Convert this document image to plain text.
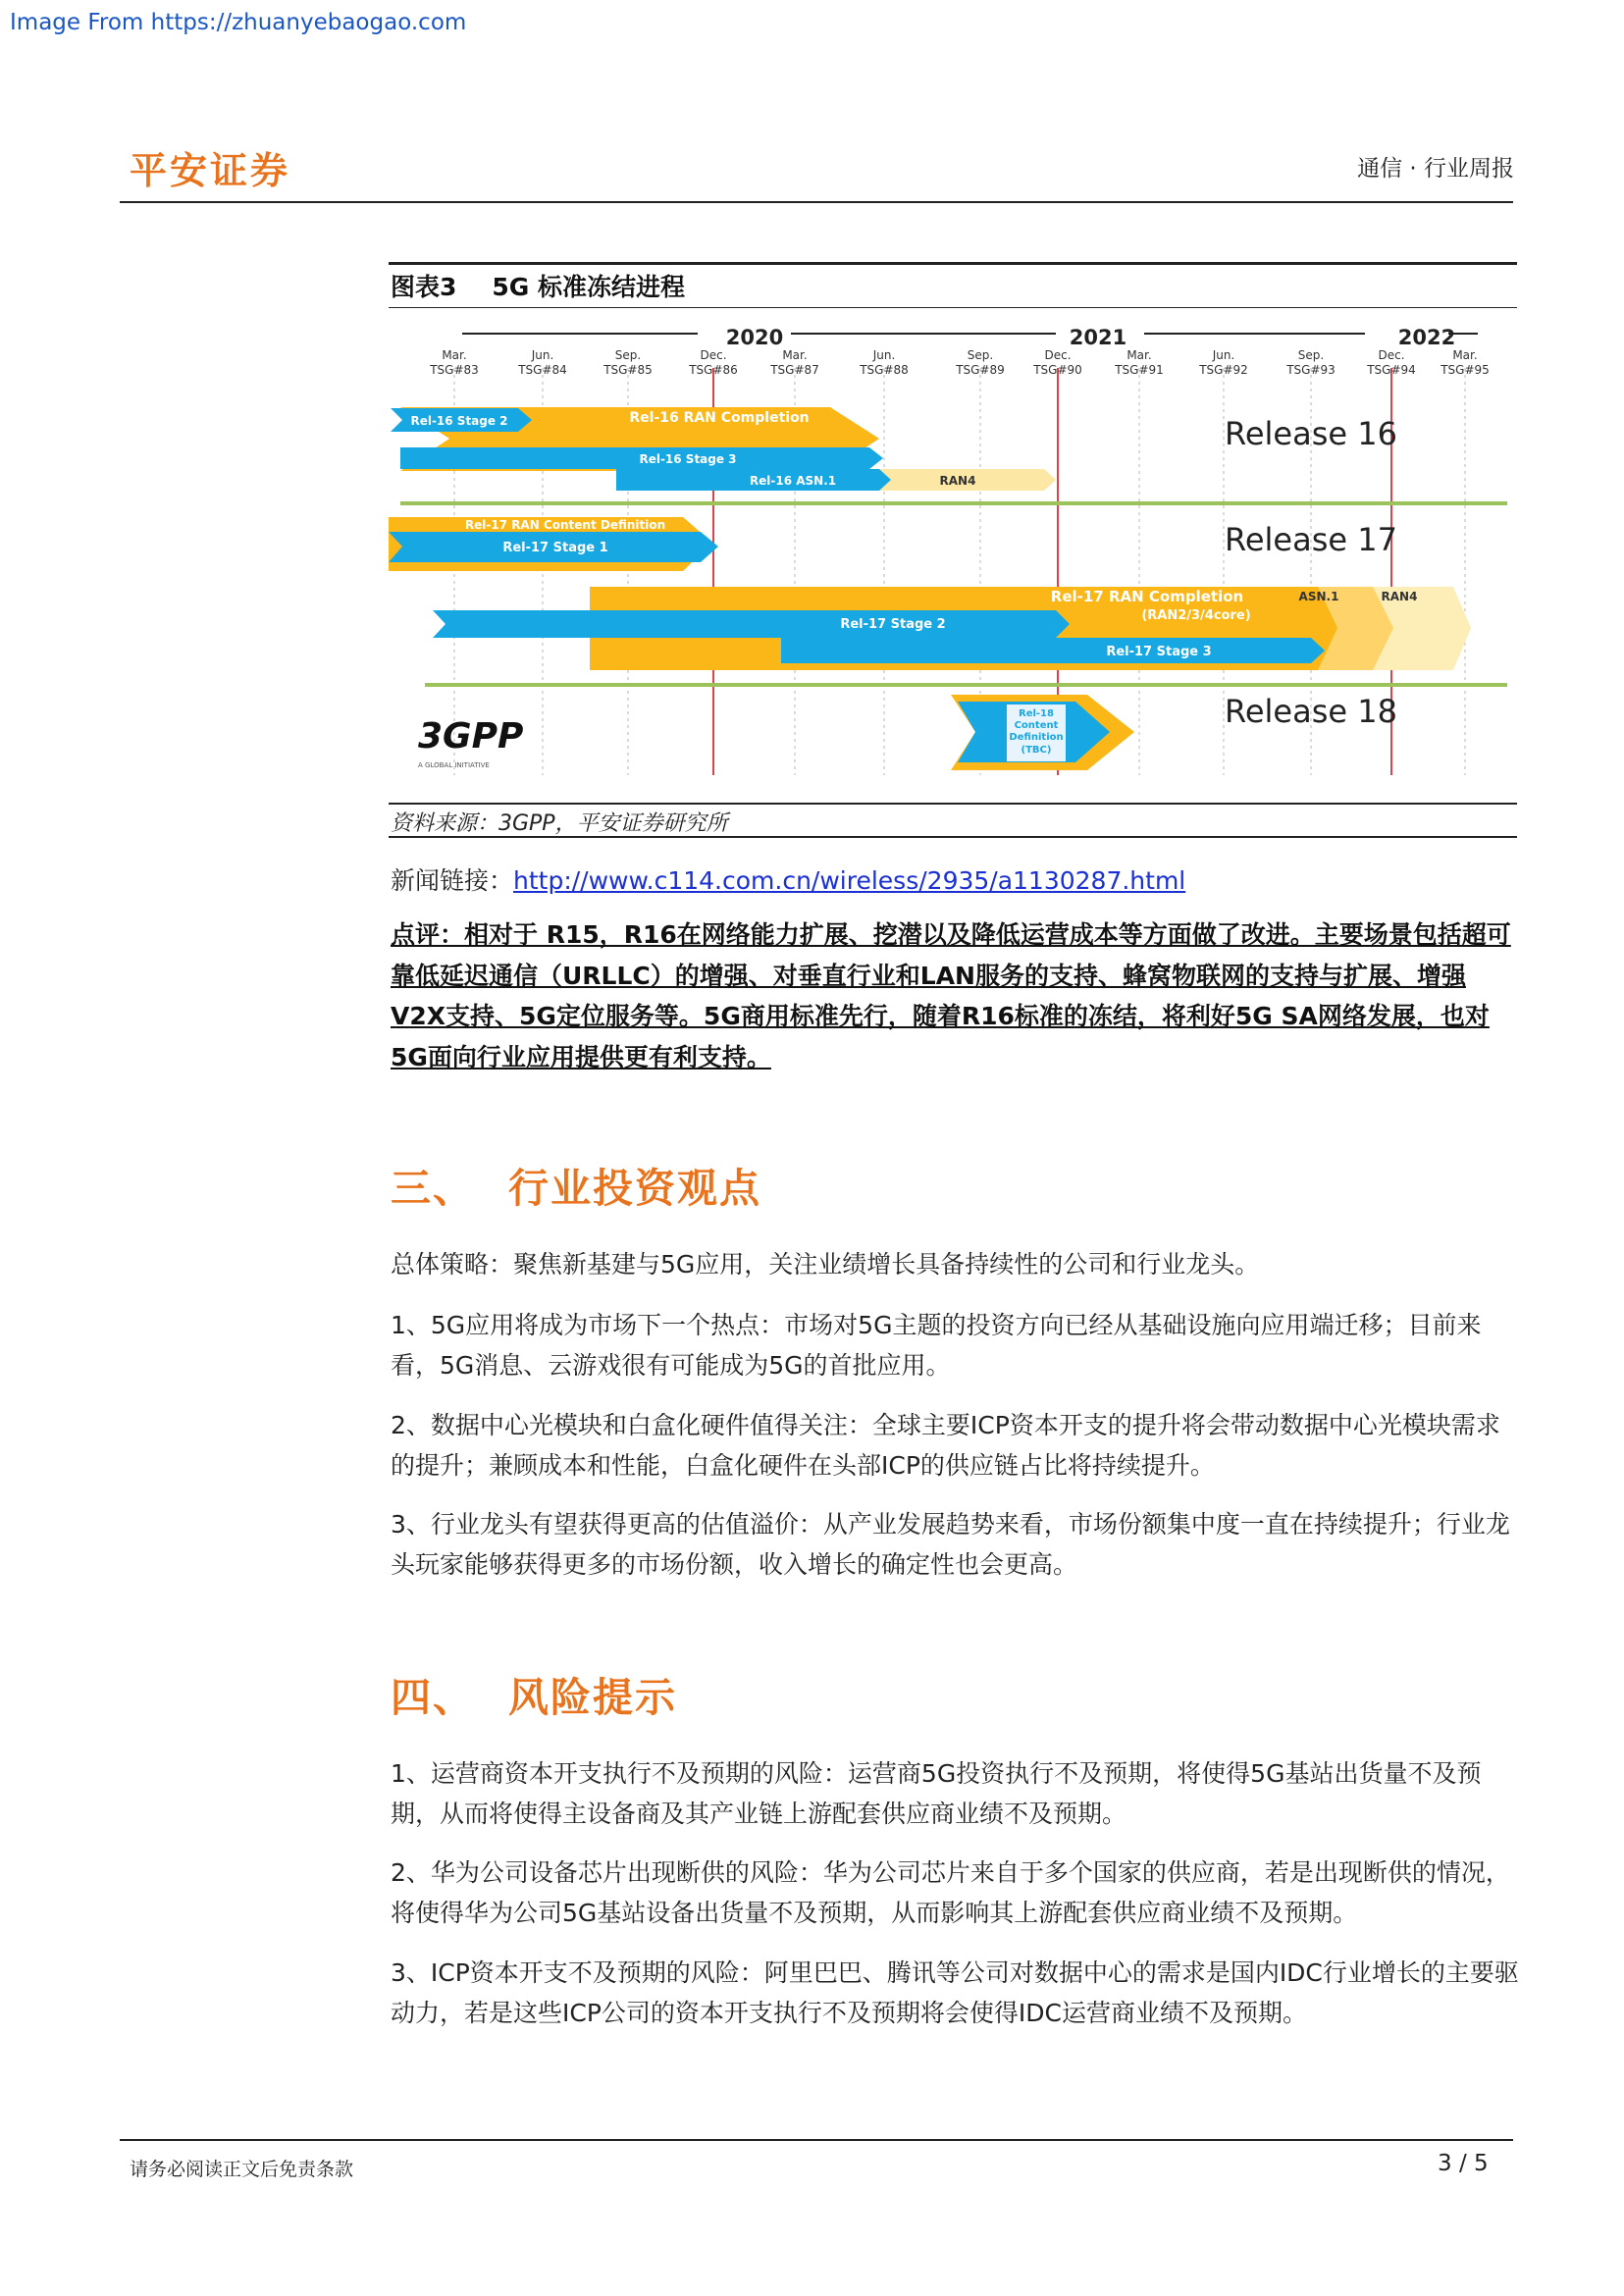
Image From https://zhuanyebaogao.com
平安证券	通信 · 行业周报
图表3 5G 标准冻结进程
2020	2021	2022
Mar.	Jun.	Sep.	Dec.	Mar.	Jun.	Sep.	Dec.	Mar.	Jun.	Sep.	Dec.	Mar.
TSG#83	TSG#84	TSG#85	TSG#86	TSG#87	TSG#88	TSG#89 TSG#90	TSG#91	TSG#92	TSG#93	TSG#94 TSG#95
Rel-16 Stage 2	Rel-16 RAN Completion
Rel-16 Stage 3
Rel-16 ASN.1	RAN4
Release 16
Rel-17 RAN Content Definition
Rel-17 Stage 1	Release 17
Rel-17 RAN Completion
(RAN2/3/4core)
ASN.1	RAN4
Rel-17 Stage 2
Rel-17 Stage 3
Rel-18
Content
Definition
(TBC)
Release 18
3GPP
A GLOBAL INITIATIVE
资料来源：3GPP，平安证券研究所
新闻链接：http://www.c114.com.cn/wireless/2935/a1130287.html
点评：相对于 R15，R16在网络能力扩展、挖潜以及降低运营成本等方面做了改进。主要场景包括超可靠低延迟通信（URLLC）的增强、对垂直行业和LAN服务的支持、蜂窝物联网的支持与扩展、增强V2X支持、5G定位服务等。5G商用标准先行，随着R16标准的冻结，将利好5G SA网络发展，也对5G面向行业应用提供更有利支持。
三、 行业投资观点
总体策略：聚焦新基建与5G应用，关注业绩增长具备持续性的公司和行业龙头。
1、5G应用将成为市场下一个热点：市场对5G主题的投资方向已经从基础设施向应用端迁移；目前来看，5G消息、云游戏很有可能成为5G的首批应用。
2、数据中心光模块和白盒化硬件值得关注：全球主要ICP资本开支的提升将会带动数据中心光模块需求的提升；兼顾成本和性能，白盒化硬件在头部ICP的供应链占比将持续提升。
3、行业龙头有望获得更高的估值溢价：从产业发展趋势来看，市场份额集中度一直在持续提升；行业龙头玩家能够获得更多的市场份额，收入增长的确定性也会更高。
四、 风险提示
1、运营商资本开支执行不及预期的风险：运营商5G投资执行不及预期，将使得5G基站出货量不及预期，从而将使得主设备商及其产业链上游配套供应商业绩不及预期。
2、华为公司设备芯片出现断供的风险：华为公司芯片来自于多个国家的供应商，若是出现断供的情况，将使得华为公司5G基站设备出货量不及预期，从而影响其上游配套供应商业绩不及预期。
3、ICP资本开支不及预期的风险：阿里巴巴、腾讯等公司对数据中心的需求是国内IDC行业增长的主要驱动力，若是这些ICP公司的资本开支执行不及预期将会使得IDC运营商业绩不及预期。
请务必阅读正文后免责条款	3 / 5
